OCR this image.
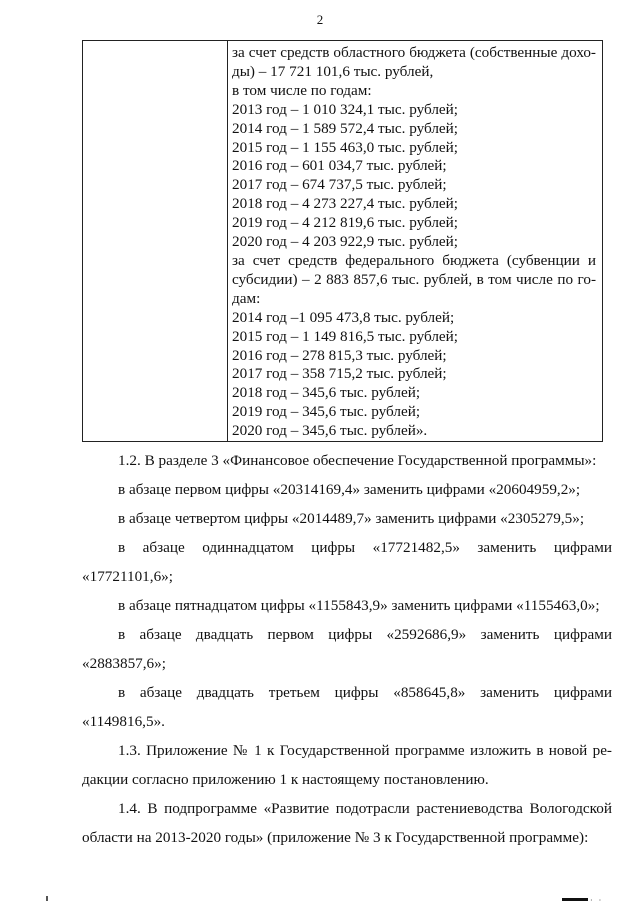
2

за счет средств областного бюджета (собственные дохо-
ды) – 17 721 101,6 тыс. рублей,
в том числе по годам:
2013 год – 1 010 324,1 тыс. рублей;
2014 год – 1 589 572,4 тыс. рублей;
2015 год – 1 155 463,0 тыс. рублей;
2016 год – 601 034,7 тыс. рублей;
2017 год – 674 737,5 тыс. рублей;
2018 год – 4 273 227,4 тыс. рублей;
2019 год – 4 212 819,6 тыс. рублей;
2020 год – 4 203 922,9 тыс. рублей;
за счет средств федерального бюджета (субвенции и
субсидии) – 2 883 857,6 тыс. рублей, в том числе по го-
дам:
2014 год –1 095 473,8 тыс. рублей;
2015 год – 1 149 816,5 тыс. рублей;
2016 год – 278 815,3 тыс. рублей;
2017 год – 358 715,2 тыс. рублей;
2018 год – 345,6 тыс. рублей;
2019 год – 345,6 тыс. рублей;
2020 год – 345,6 тыс. рублей».

1.2. В разделе 3 «Финансовое обеспечение Государственной программы»:

в абзаце первом цифры «20314169,4» заменить цифрами «20604959,2»;

в абзаце четвертом цифры «2014489,7» заменить цифрами «2305279,5»;

в абзаце одиннадцатом цифры «17721482,5» заменить цифрами

«17721101,6»;

в абзаце пятнадцатом цифры «1155843,9» заменить цифрами «1155463,0»;

в абзаце двадцать первом цифры «2592686,9» заменить цифрами

«2883857,6»;

в абзаце двадцать третьем цифры «858645,8» заменить цифрами

«1149816,5».

1.3. Приложение № 1 к Государственной программе изложить в новой ре-

дакции согласно приложению 1 к настоящему постановлению.

1.4. В подпрограмме «Развитие подотрасли растениеводства Вологодской

области на 2013-2020 годы» (приложение № 3 к Государственной программе):

· ·
